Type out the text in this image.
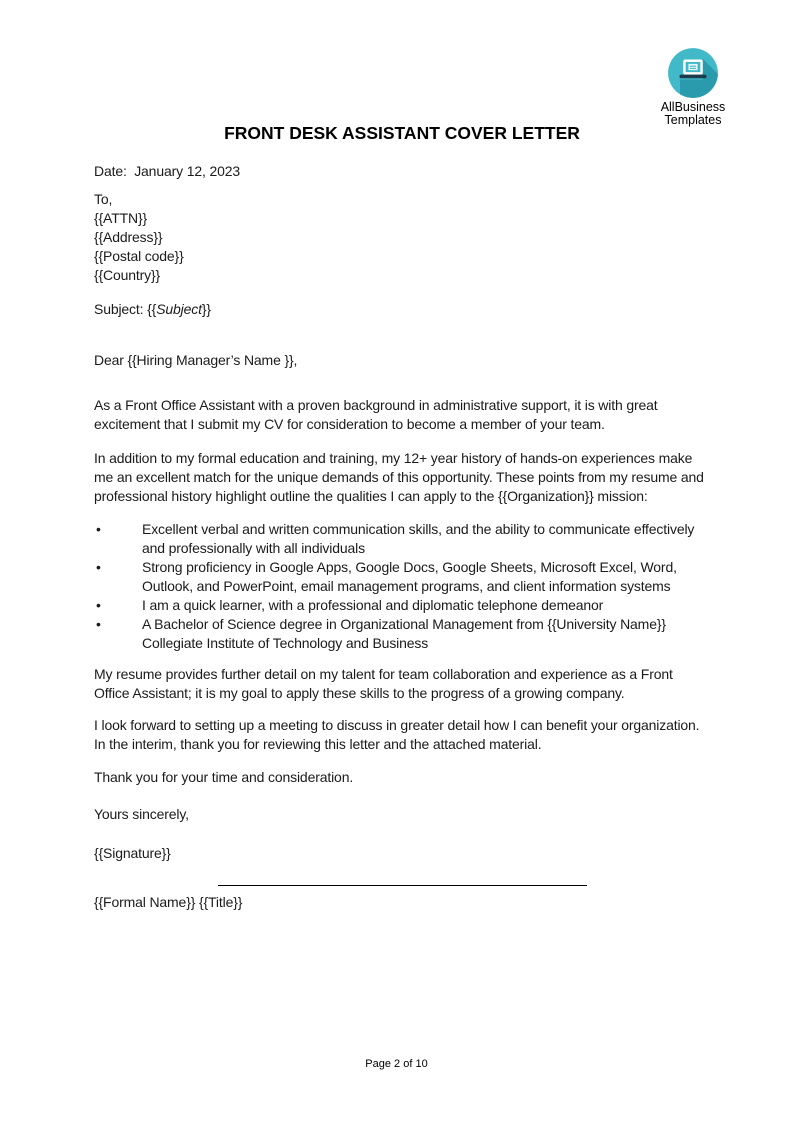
AllBusiness
Templates
FRONT DESK ASSISTANT COVER LETTER

Date:  January 12, 2023

To,

{{ATTN}}

{{Address}}

{{Postal code}}

{{Country}}

Subject: {{Subject}}

Dear {{Hiring Manager’s Name }},

As a Front Office Assistant with a proven background in administrative support, it is with great excitement that I submit my CV for consideration to become a member of your team.

In addition to my formal education and training, my 12+ year history of hands-on experiences make me an excellent match for the unique demands of this opportunity. These points from my resume and professional history highlight outline the qualities I can apply to the {{Organization}} mission:

•	Excellent verbal and written communication skills, and the ability to communicate effectively and professionally with all individuals
•	Strong proficiency in Google Apps, Google Docs, Google Sheets, Microsoft Excel, Word, Outlook, and PowerPoint, email management programs, and client information systems
•	I am a quick learner, with a professional and diplomatic telephone demeanor
•	A Bachelor of Science degree in Organizational Management from {{University Name}} Collegiate Institute of Technology and Business

My resume provides further detail on my talent for team collaboration and experience as a Front Office Assistant; it is my goal to apply these skills to the progress of a growing company.

I look forward to setting up a meeting to discuss in greater detail how I can benefit your organization. In the interim, thank you for reviewing this letter and the attached material.

Thank you for your time and consideration.

Yours sincerely,

{{Signature}}

{{Formal Name}} {{Title}}

Page 2 of 10
